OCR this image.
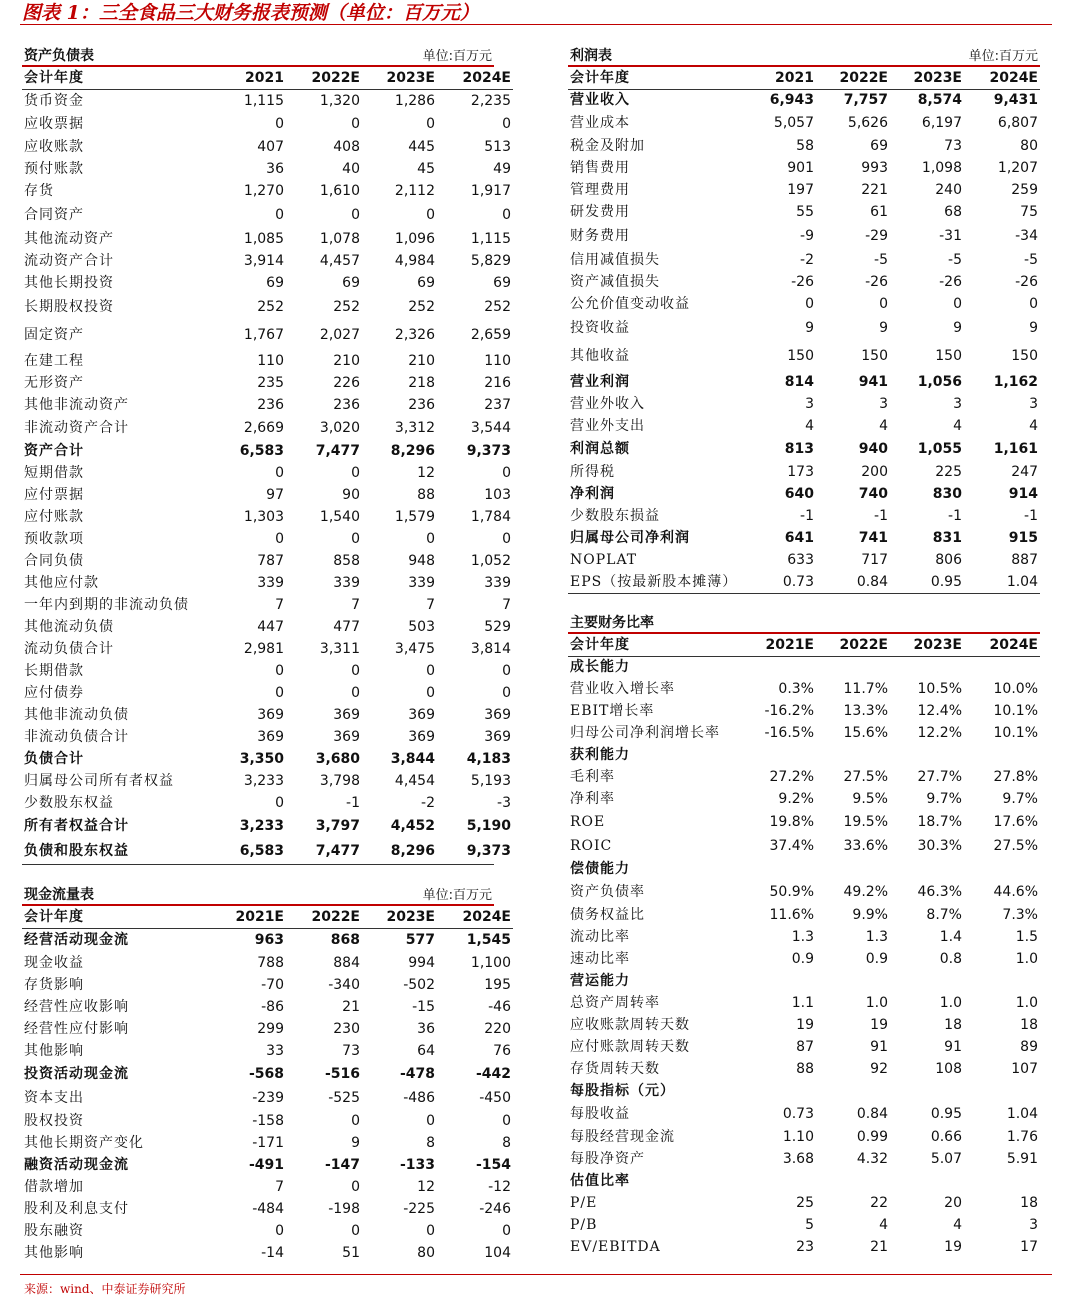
图表 1：三全食品三大财务报表预测（单位：百万元）
资产负债表	单位:百万元
会计年度	2021	2022E	2023E	2024E
货币资金	1,115	1,320	1,286	2,235
应收票据	0	0	0	0
应收账款	407	408	445	513
预付账款	36	40	45	49
存货	1,270	1,610	2,112	1,917
合同资产	0	0	0	0
其他流动资产	1,085	1,078	1,096	1,115
流动资产合计	3,914	4,457	4,984	5,829
其他长期投资	69	69	69	69
长期股权投资	252	252	252	252
固定资产	1,767	2,027	2,326	2,659
在建工程	110	210	210	110
无形资产	235	226	218	216
其他非流动资产	236	236	236	237
非流动资产合计	2,669	3,020	3,312	3,544
资产合计	6,583	7,477	8,296	9,373
短期借款	0	0	12	0
应付票据	97	90	88	103
应付账款	1,303	1,540	1,579	1,784
预收款项	0	0	0	0
合同负债	787	858	948	1,052
其他应付款	339	339	339	339
一年内到期的非流动负债	7	7	7	7
其他流动负债	447	477	503	529
流动负债合计	2,981	3,311	3,475	3,814
长期借款	0	0	0	0
应付债券	0	0	0	0
其他非流动负债	369	369	369	369
非流动负债合计	369	369	369	369
负债合计	3,350	3,680	3,844	4,183
归属母公司所有者权益	3,233	3,798	4,454	5,193
少数股东权益	0	-1	-2	-3
所有者权益合计	3,233	3,797	4,452	5,190
负债和股东权益	6,583	7,477	8,296	9,373
现金流量表	单位:百万元
会计年度	2021E	2022E	2023E	2024E
经营活动现金流	963	868	577	1,545
现金收益	788	884	994	1,100
存货影响	-70	-340	-502	195
经营性应收影响	-86	21	-15	-46
经营性应付影响	299	230	36	220
其他影响	33	73	64	76
投资活动现金流	-568	-516	-478	-442
资本支出	-239	-525	-486	-450
股权投资	-158	0	0	0
其他长期资产变化	-171	9	8	8
融资活动现金流	-491	-147	-133	-154
借款增加	7	0	12	-12
股利及利息支付	-484	-198	-225	-246
股东融资	0	0	0	0
其他影响	-14	51	80	104
利润表	单位:百万元
会计年度	2021	2022E	2023E	2024E
营业收入	6,943	7,757	8,574	9,431
营业成本	5,057	5,626	6,197	6,807
税金及附加	58	69	73	80
销售费用	901	993	1,098	1,207
管理费用	197	221	240	259
研发费用	55	61	68	75
财务费用	-9	-29	-31	-34
信用减值损失	-2	-5	-5	-5
资产减值损失	-26	-26	-26	-26
公允价值变动收益	0	0	0	0
投资收益	9	9	9	9
其他收益	150	150	150	150
营业利润	814	941	1,056	1,162
营业外收入	3	3	3	3
营业外支出	4	4	4	4
利润总额	813	940	1,055	1,161
所得税	173	200	225	247
净利润	640	740	830	914
少数股东损益	-1	-1	-1	-1
归属母公司净利润	641	741	831	915
NOPLAT	633	717	806	887
EPS（按最新股本摊薄）	0.73	0.84	0.95	1.04
主要财务比率
会计年度	2021E	2022E	2023E	2024E
成长能力				
营业收入增长率	0.3%	11.7%	10.5%	10.0%
EBIT增长率	-16.2%	13.3%	12.4%	10.1%
归母公司净利润增长率	-16.5%	15.6%	12.2%	10.1%
获利能力				
毛利率	27.2%	27.5%	27.7%	27.8%
净利率	9.2%	9.5%	9.7%	9.7%
ROE	19.8%	19.5%	18.7%	17.6%
ROIC	37.4%	33.6%	30.3%	27.5%
偿债能力				
资产负债率	50.9%	49.2%	46.3%	44.6%
债务权益比	11.6%	9.9%	8.7%	7.3%
流动比率	1.3	1.3	1.4	1.5
速动比率	0.9	0.9	0.8	1.0
营运能力				
总资产周转率	1.1	1.0	1.0	1.0
应收账款周转天数	19	19	18	18
应付账款周转天数	87	91	91	89
存货周转天数	88	92	108	107
每股指标（元）				
每股收益	0.73	0.84	0.95	1.04
每股经营现金流	1.10	0.99	0.66	1.76
每股净资产	3.68	4.32	5.07	5.91
估值比率				
P/E	25	22	20	18
P/B	5	4	4	3
EV/EBITDA	23	21	19	17
来源：wind、中泰证券研究所
